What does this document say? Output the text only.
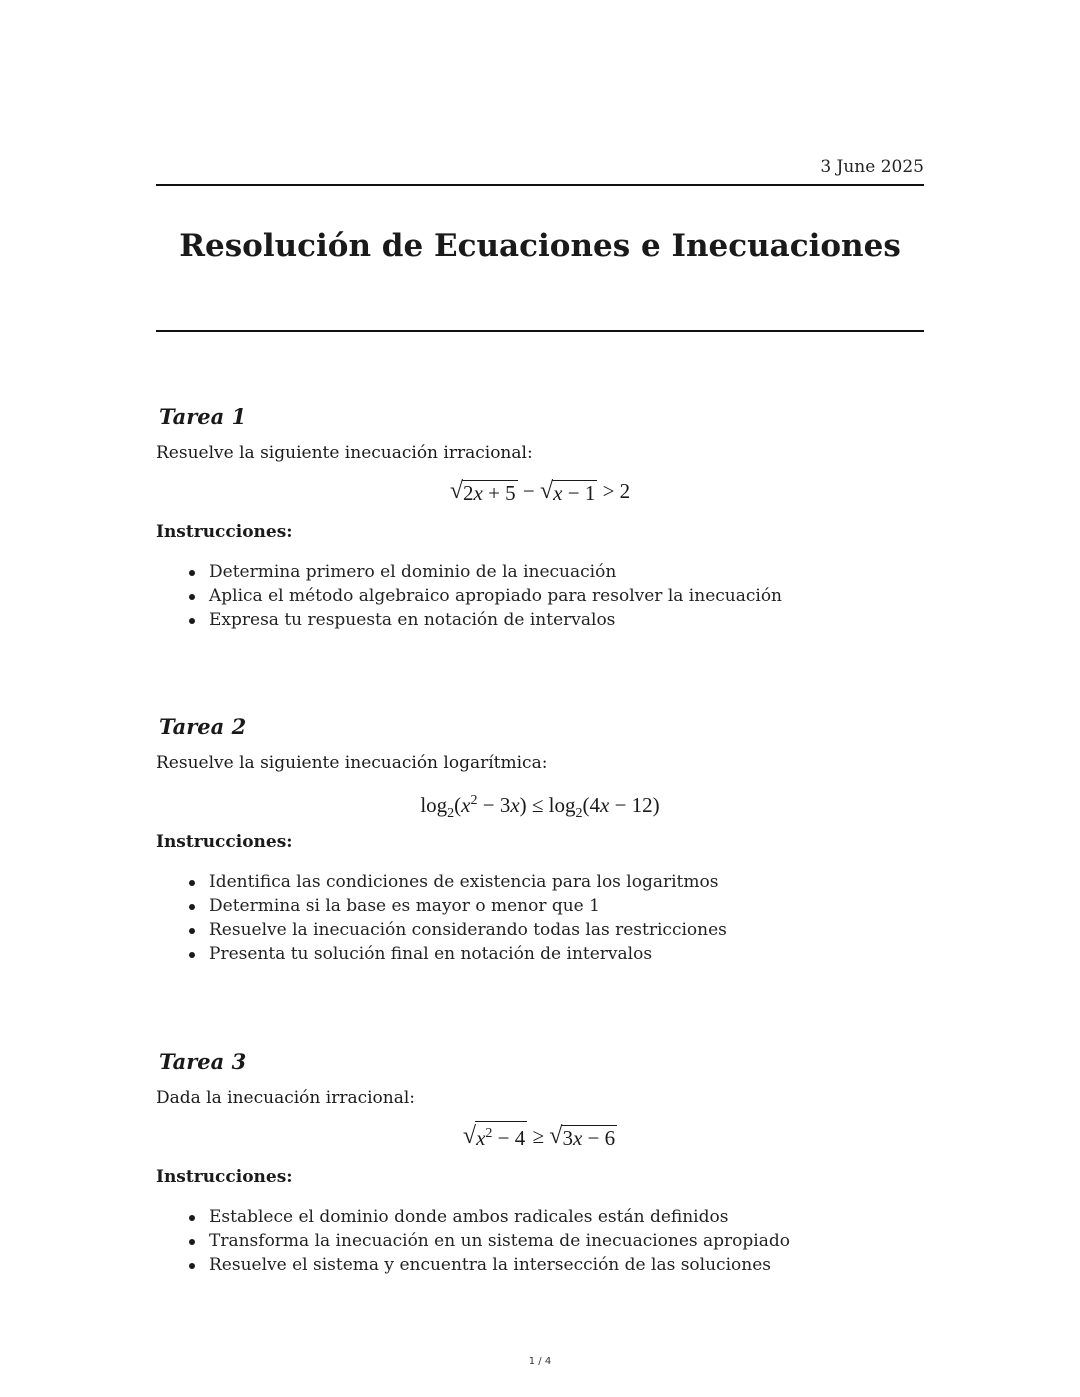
3 June 2025
Resolución de Ecuaciones e Inecuaciones
Tarea 1

Resuelve la siguiente inecuación irracional:

√ 2x + 5 − √ x − 1 > 2
Instrucciones:
Determina primero el dominio de la inecuación
Aplica el método algebraico apropiado para resolver la inecuación
Expresa tu respuesta en notación de intervalos
Tarea 2

Resuelve la siguiente inecuación logarítmica:

$\log_2(x^2 - 3x) \le \log_2(4x - 12)$
Instrucciones:
Identifica las condiciones de existencia para los logaritmos
Determina si la base es mayor o menor que 1
Resuelve la inecuación considerando todas las restricciones
Presenta tu solución final en notación de intervalos
Tarea 3

Dada la inecuación irracional:

√ $x^2 - 4$ ≥ √ 3x − 6
Instrucciones:
Establece el dominio donde ambos radicales están definidos
Transforma la inecuación en un sistema de inecuaciones apropiado
Resuelve el sistema y encuentra la intersección de las soluciones
1 / 4
